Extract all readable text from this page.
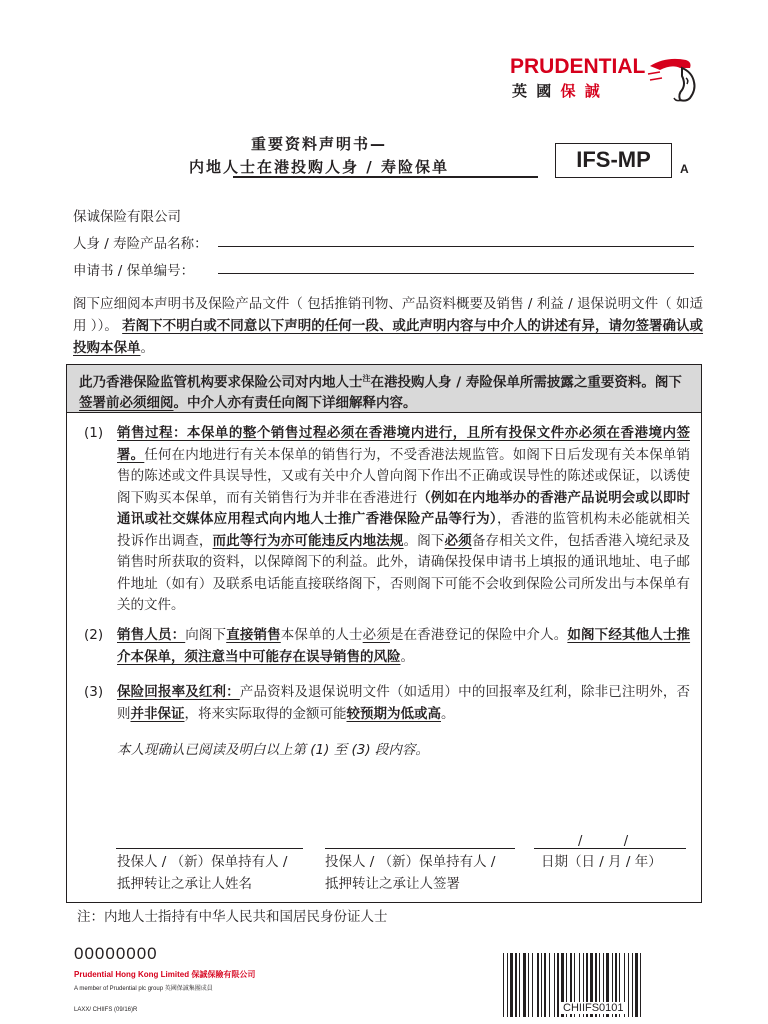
PRUDENTIAL
英 國 保 誠
重要资料声明书—
内地人士在港投购人身 / 寿险保单	IFS-MP	A
保诚保险有限公司
人身 / 寿险产品名称：
申请书 / 保单编号：
阁下应细阅本声明书及保险产品文件（ 包括推销刊物、产品资料概要及销售 / 利益 / 退保说明文件（ 如适用 ））。 若阁下不明白或不同意以下声明的任何一段、或此声明内容与中介人的讲述有异，请勿签署确认或投购本保单。
此乃香港保险监管机构要求保险公司对内地人士$^注$在港投购人身 / 寿险保单所需披露之重要资料。阁下签署前必须细阅。中介人亦有责任向阁下详细解释内容。
(1) 销售过程：本保单的整个销售过程必须在香港境内进行，且所有投保文件亦必须在香港境内签署。任何在内地进行有关本保单的销售行为，不受香港法规监管。如阁下日后发现有关本保单销售的陈述或文件具误导性，又或有关中介人曾向阁下作出不正确或误导性的陈述或保证，以诱使阁下购买本保单，而有关销售行为并非在香港进行（例如在内地举办的香港产品说明会或以即时通讯或社交媒体应用程式向内地人士推广香港保险产品等行为），香港的监管机构未必能就相关投诉作出调查，而此等行为亦可能违反内地法规。阁下必须备存相关文件，包括香港入境纪录及销售时所获取的资料，以保障阁下的利益。此外，请确保投保申请书上填报的通讯地址、电子邮件地址（如有）及联系电话能直接联络阁下，否则阁下可能不会收到保险公司所发出与本保单有关的文件。
(2) 销售人员：向阁下直接销售本保单的人士必须是在香港登记的保险中介人。如阁下经其他人士推介本保单，须注意当中可能存在误导销售的风险。
(3) 保险回报率及红利：产品资料及退保说明文件（如适用）中的回报率及红利，除非已注明外，否则并非保证，将来实际取得的金额可能较预期为低或高。
本人现确认已阅读及明白以上第 (1) 至 (3) 段内容。
/          /
投保人 / （新）保单持有人 /
抵押转让之承让人姓名
投保人 / （新）保单持有人 /
抵押转让之承让人签署
日期（日 / 月 / 年）
注：内地人士指持有中华人民共和国居民身份证人士
00000000
Prudential Hong Kong Limited 保誠保險有限公司
A member of Prudential plc group 英國保誠集團成員
LAXX/ CHIIFS (09/16)R	CHIIFS0101
